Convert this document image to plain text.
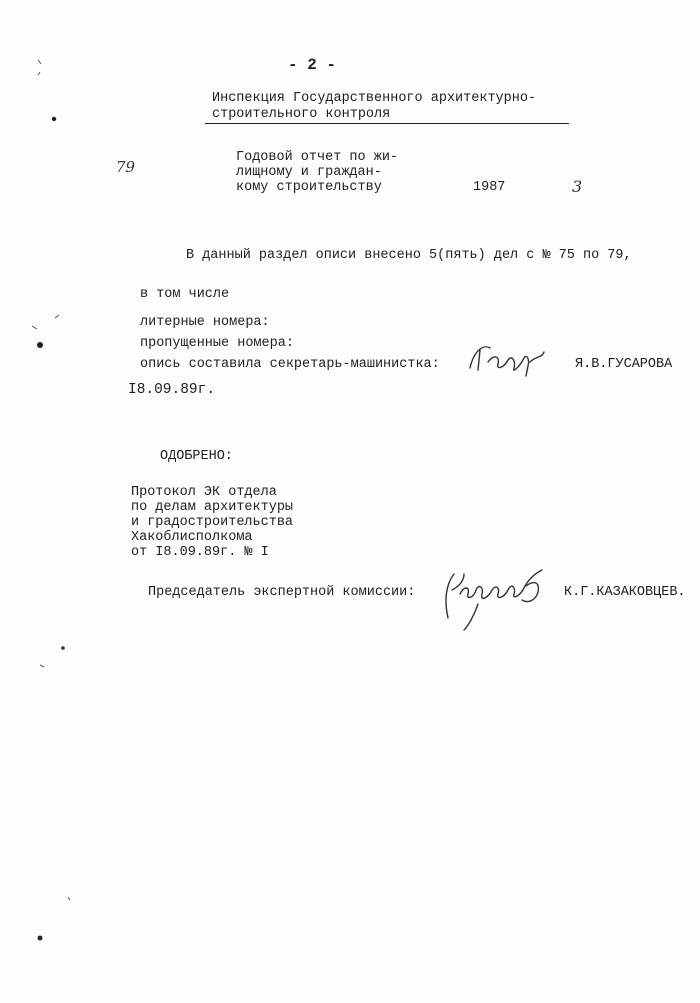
- 2 -
Инспекция Государственного архитектурно-
строительного контроля
79
Годовой отчет по жи-
лищному и граждан-
кому строительству	1987	3
В данный раздел описи внесено 5(пять) дел с № 75 по 79,
в том числе
литерные номера:
пропущенные номера:
опись составила секретарь-машинистка:	Я.В.ГУСАРОВА
I8.09.89г.
ОДОБРЕНО:
Протокол ЭК отдела
по делам архитектуры
и градостроительства
Хакоблисполкома
от I8.09.89г. № I
Председатель экспертной комиссии:	К.Г.КАЗАКОВЦЕВ.
